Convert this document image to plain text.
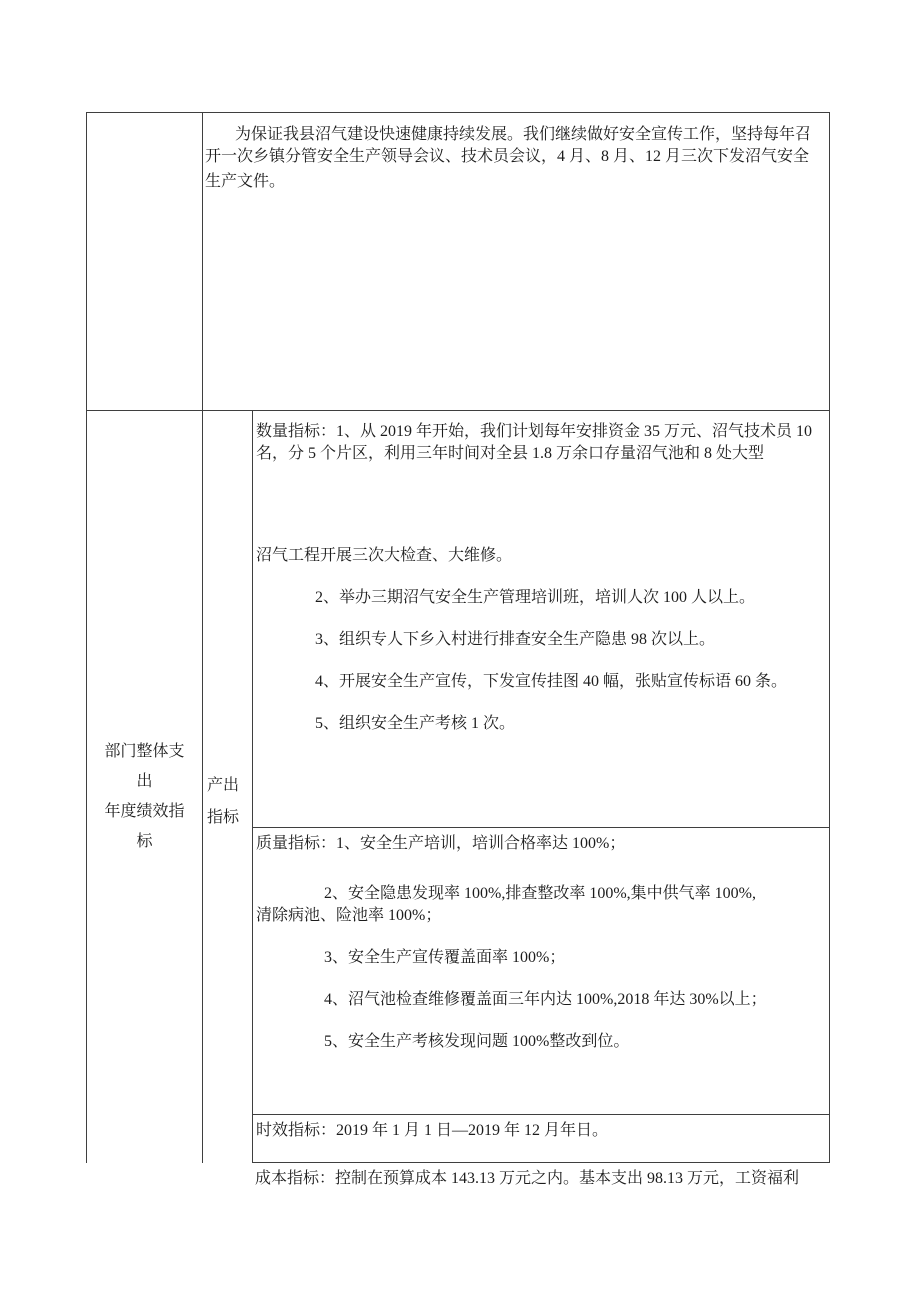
为保证我县沼气建设快速健康持续发展。我们继续做好安全宣传工作，坚持每年召
开一次乡镇分管安全生产领导会议、技术员会议，4 月、8 月、12 月三次下发沼气安全
生产文件。
部门整体支出
年度绩效指标
产出指标
数量指标：1、从 2019 年开始，我们计划每年安排资金 35 万元、沼气技术员 10
名，分 5 个片区，利用三年时间对全县 1.8 万余口存量沼气池和 8 处大型
沼气工程开展三次大检查、大维修。
2、举办三期沼气安全生产管理培训班，培训人次 100 人以上。
3、组织专人下乡入村进行排查安全生产隐患 98 次以上。
4、开展安全生产宣传，下发宣传挂图 40 幅，张贴宣传标语 60 条。
5、组织安全生产考核 1 次。
质量指标：1、安全生产培训，培训合格率达 100%；
2、安全隐患发现率 100%,排查整改率 100%,集中供气率 100%,
清除病池、险池率 100%；
3、安全生产宣传覆盖面率 100%；
4、沼气池检查维修覆盖面三年内达 100%,2018 年达 30%以上；
5、安全生产考核发现问题 100%整改到位。
时效指标：2019 年 1 月 1 日—2019 年 12 月年日。
成本指标：控制在预算成本 143.13 万元之内。基本支出 98.13 万元，工资福利
